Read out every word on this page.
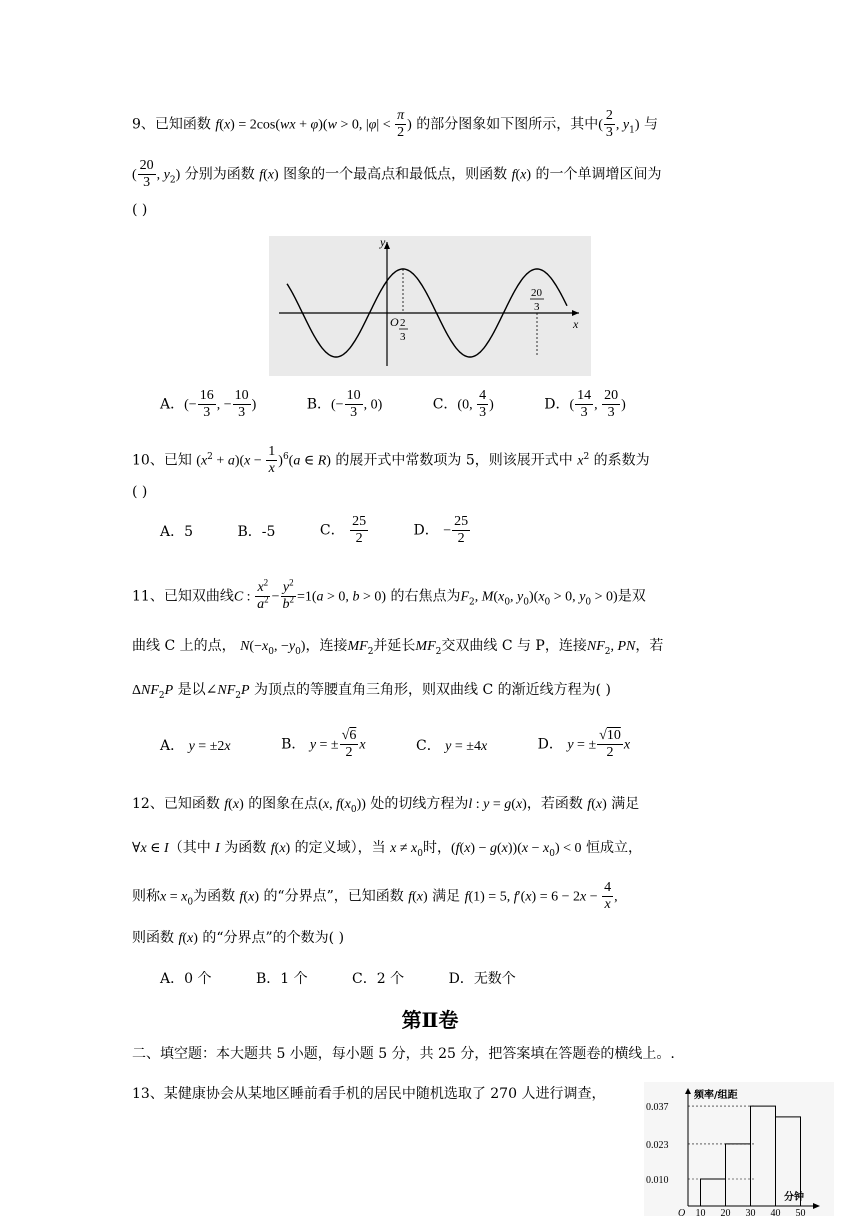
9、已知函数 f(x) = 2cos(wx + φ)(w > 0, $|\varphi| < \frac{\pi}{2}$ ) 的部分图象如下图所示，其中( $\frac{2}{3}$ , $y_1$) 与
( $\frac{20}{3}$ , $y_2$) 分别为函数 f(x) 图象的一个最高点和最低点，则函数 f(x) 的一个单调增区间为
( )
y
x
O 2
3
20
3
A．(− $\frac{16}{3}$ , − $\frac{10}{3}$ )	B．(− $\frac{10}{3}$ , 0)	C．(0, $\frac{4}{3}$ )	D．( $\frac{14}{3}$ , $\frac{20}{3}$ )
10、已知 $(x^2 + a)(x - \frac{1}{x} )^6(a$ ∈ R) 的展开式中常数项为 5，则该展开式中 $x^2$ 的系数为
( )
A．5	B．-5	C． $\frac{25}{2}$	D． − $\frac{25}{2}$
11、已知双曲线C : $\frac{x^2}{a^2} - \frac{y^2}{b^2} =1(a > 0$, b > 0) 的右焦点为$F_2$, $M(x_0$, $y_0)(x_0 > 0$, $y_0 > 0$)是双
曲线 C 上的点， $N(-x_0$, $-y_0$)，连接$MF_2$并延长$MF_2$交双曲线 C 与 P，连接$NF_2$, PN，若
$\Delta NF_2P$ 是以$\angle NF_2P$ 为顶点的等腰直角三角形，则双曲线 C 的渐近线方程为( )
A． y = ±2x	B． y = ± $\frac{√6}{2}$ x	C． y = ±4x	D． y = ± $\frac{√10}{2}$ x
12、已知函数 f(x) 的图象在点(x, $f(x_0)$) 处的切线方程为l : y = g(x)，若函数 f(x) 满足
∀x ∈ I（其中 I 为函数 f(x) 的定义域），当 $x \ne x_0$时，$(f(x) - g(x))(x - x_0) < 0$ 恒成立，
则称$x = x_0$为函数 f(x) 的“分界点”，已知函数 f(x) 满足 f(1) = 5, $f'(x) = 6 - 2x - \frac{4}{x}$ ,
则函数 f(x) 的“分界点”的个数为( )
A．0 个	B．1 个	C．2 个	D．无数个
第Ⅱ卷
二、填空题：本大题共 5 小题，每小题 5 分，共 25 分，把答案填在答题卷的横线上。.
13、某健康协会从某地区睡前看手机的居民中随机选取了 270 人进行调查，	频率/组距
分钟
O
0.037
0.023
0.010
10 20 30 40 50
